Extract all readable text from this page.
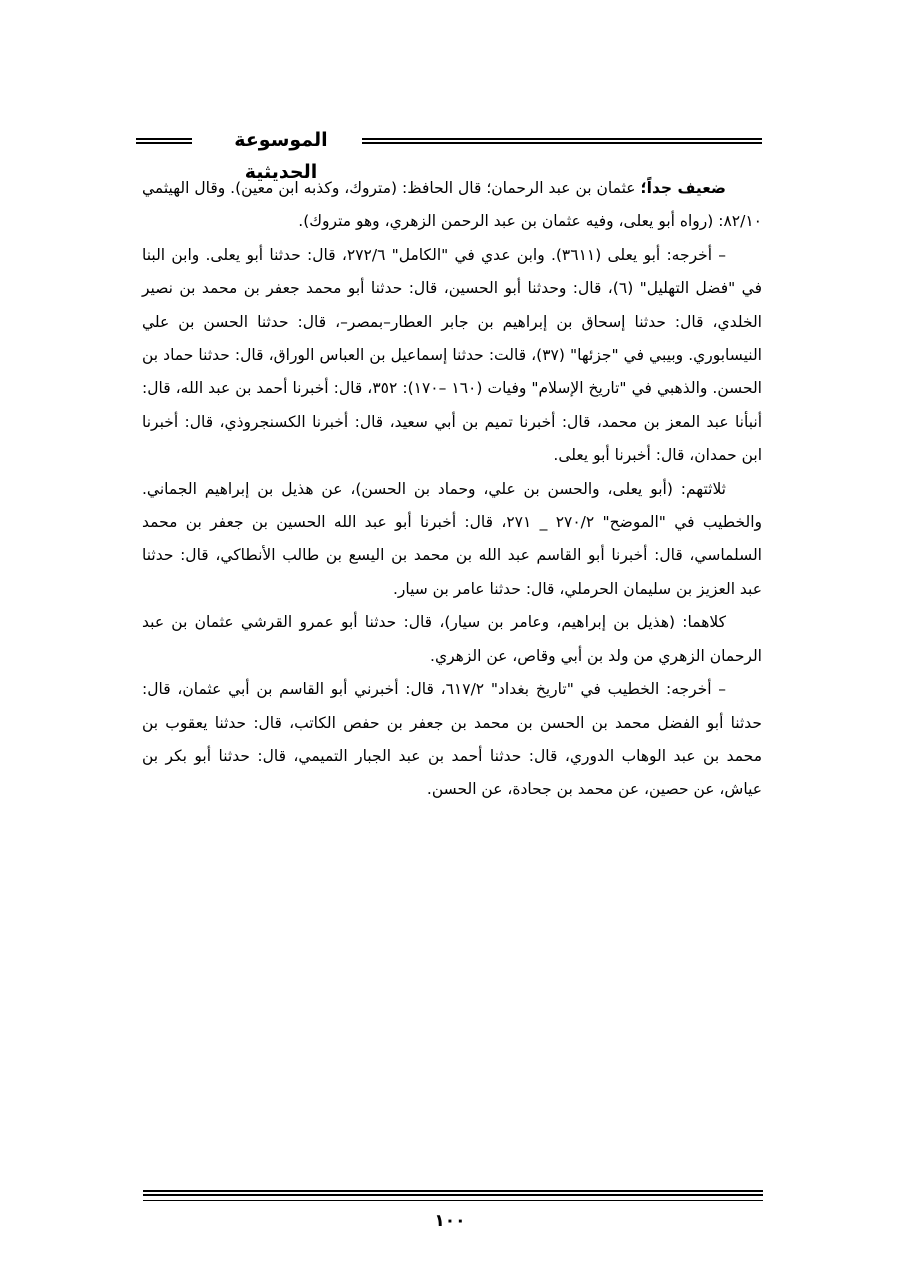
الموسوعة الحديثية

ضعيف جداً؛ عثمان بن عبد الرحمان؛ قال الحافظ: (متروك، وكذبه ابن معين). وقال الهيثمي ٨٢/١٠: (رواه أبو يعلى، وفيه عثمان بن عبد الرحمن الزهري، وهو متروك).

– أخرجه: أبو يعلى (٣٦١١). وابن عدي في "الكامل" ٢٧٢/٦، قال: حدثنا أبو يعلى. وابن البنا في "فضل التهليل" (٦)، قال: وحدثنا أبو الحسين، قال: حدثنا أبو محمد جعفر بن محمد بن نصير الخلدي، قال: حدثنا إسحاق بن إبراهيم بن جابر العطار–بمصر–، قال: حدثنا الحسن بن علي النيسابوري. وبيبي في "جزئها" (٣٧)، قالت: حدثنا إسماعيل بن العباس الوراق، قال: حدثنا حماد بن الحسن. والذهبي في "تاريخ الإسلام" وفيات (١٦٠ –١٧٠): ٣٥٢، قال: أخبرنا أحمد بن عبد الله، قال: أنبأنا عبد المعز بن محمد، قال: أخبرنا تميم بن أبي سعيد، قال: أخبرنا الكسنجروذي، قال: أخبرنا ابن حمدان، قال: أخبرنا أبو يعلى.

ثلاثتهم: (أبو يعلى، والحسن بن علي، وحماد بن الحسن)، عن هذيل بن إبراهيم الجماني. والخطيب في "الموضح" ٢٧٠/٢ _ ٢٧١، قال: أخبرنا أبو عبد الله الحسين بن جعفر بن محمد السلماسي، قال: أخبرنا أبو القاسم عبد الله بن محمد بن اليسع بن طالب الأنطاكي، قال: حدثنا عبد العزيز بن سليمان الحرملي، قال: حدثنا عامر بن سيار.

كلاهما: (هذيل بن إبراهيم، وعامر بن سيار)، قال: حدثنا أبو عمرو القرشي عثمان بن عبد الرحمان الزهري من ولد بن أبي وقاص، عن الزهري.

– أخرجه: الخطيب في "تاريخ بغداد" ٦١٧/٢، قال: أخبرني أبو القاسم بن أبي عثمان، قال: حدثنا أبو الفضل محمد بن الحسن بن محمد بن جعفر بن حفص الكاتب، قال: حدثنا يعقوب بن محمد بن عبد الوهاب الدوري، قال: حدثنا أحمد بن عبد الجبار التميمي، قال: حدثنا أبو بكر بن عياش، عن حصين، عن محمد بن جحادة، عن الحسن.

١٠٠
